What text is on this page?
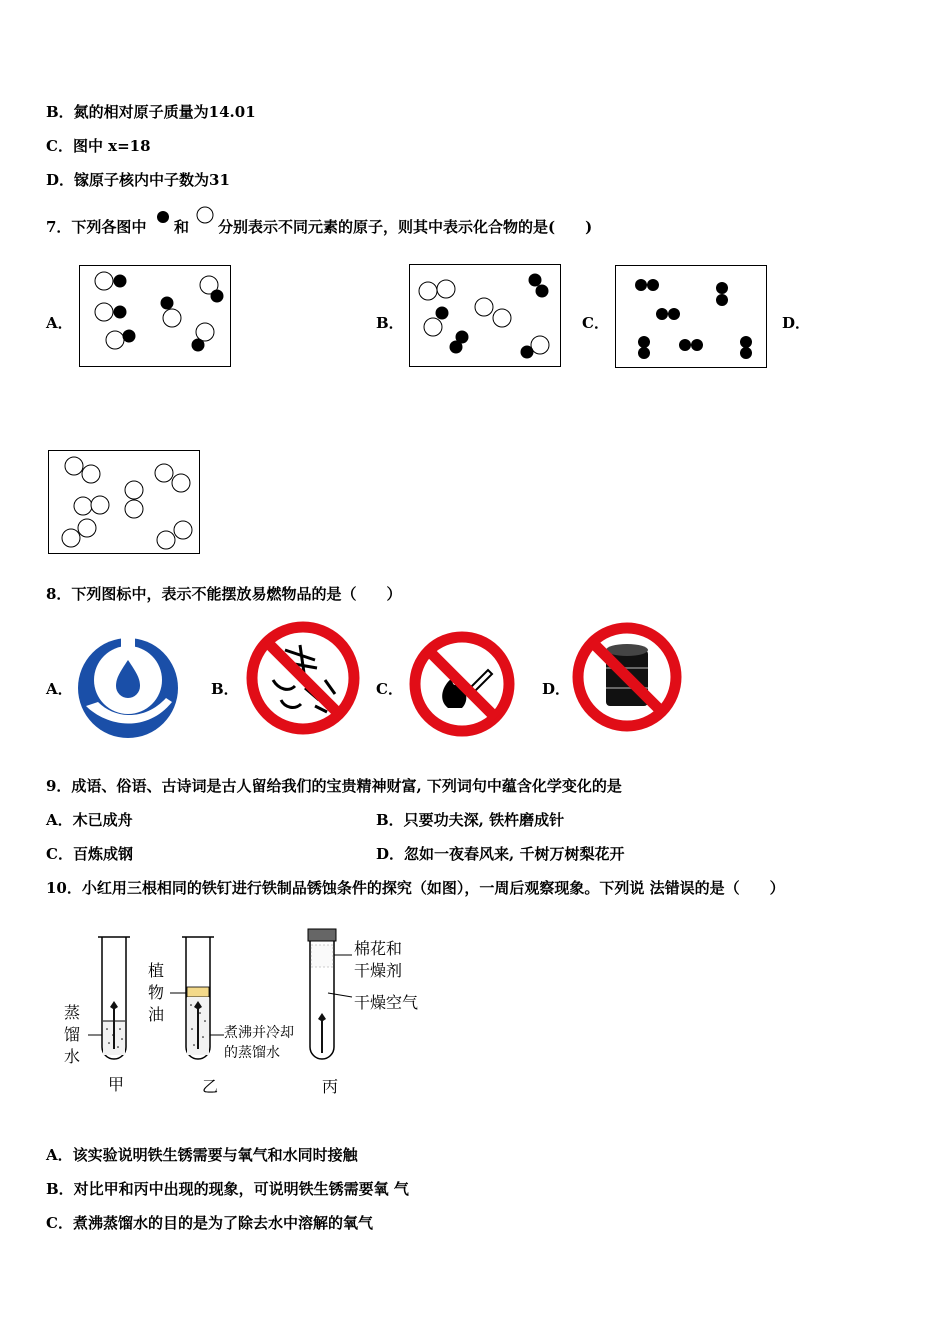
B．氮的相对原子质量为14.01
C．图中 x=18
D．镓原子核内中子数为31
7．下列各图中 和 分别表示不同元素的原子，则其中表示化合物的是(　　)
A．	B．	C．	D．
8．下列图标中，表示不能摆放易燃物品的是（　　）
A．	B．	C．	D．
9．成语、俗语、古诗词是古人留给我们的宝贵精神财富, 下列词句中蕴含化学变化的是
A．木已成舟	B．只要功夫深, 铁杵磨成针
C．百炼成钢	D．忽如一夜春风来, 千树万树梨花开
10．小红用三根相同的铁钉进行铁制品锈蚀条件的探究（如图），一周后观察现象。下列说 法错误的是（　　）
蒸
馏
水
植
物
油
煮沸并冷却
的蒸馏水
棉花和
干燥剂
干燥空气
甲	乙	丙
A．该实验说明铁生锈需要与氧气和水同时接触
B．对比甲和丙中出现的现象，可说明铁生锈需要氧 气
C．煮沸蒸馏水的目的是为了除去水中溶解的氧气
